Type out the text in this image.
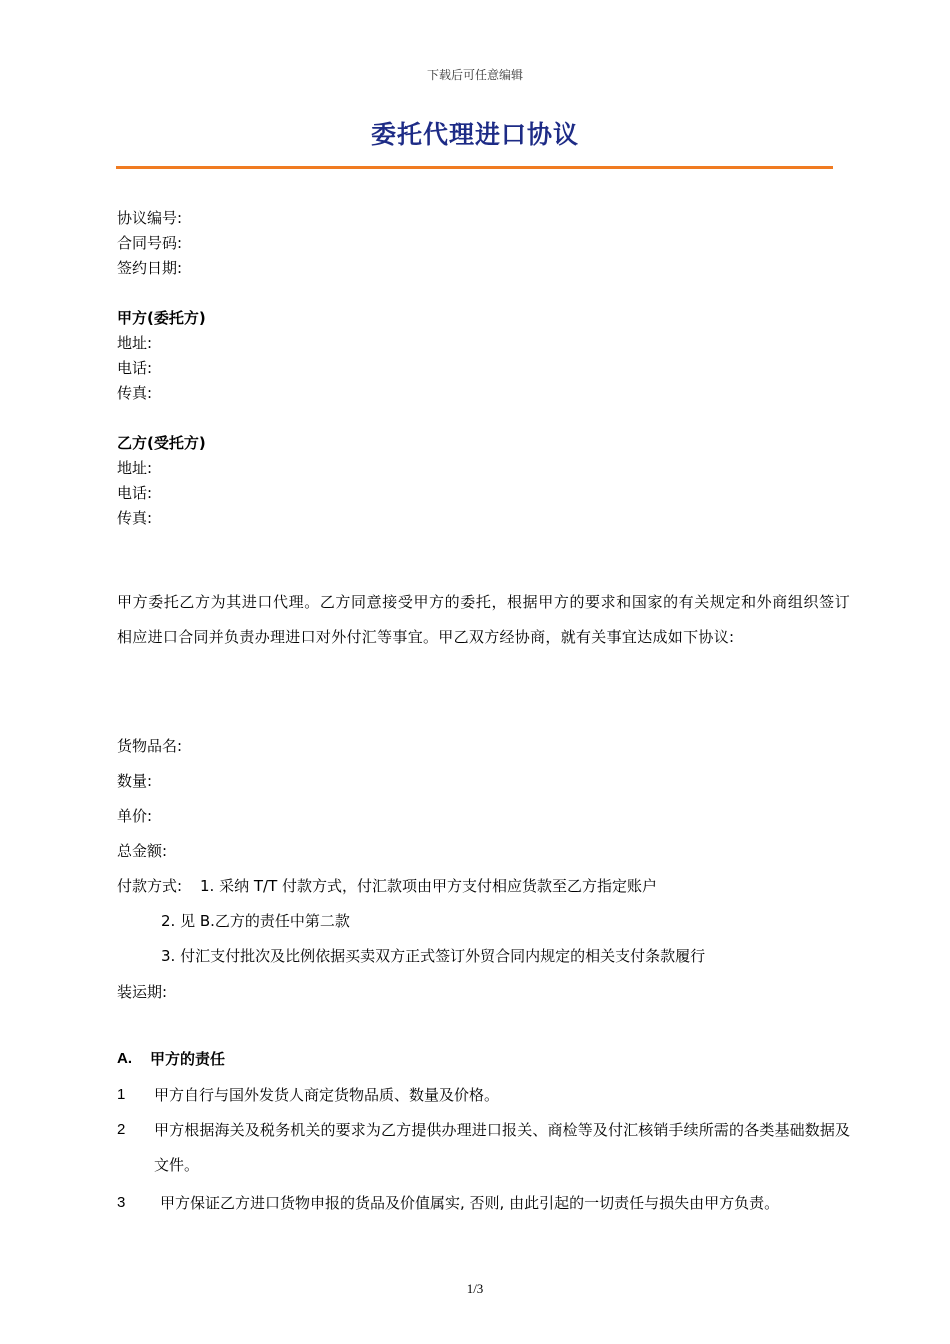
下载后可任意编辑
委托代理进口协议
协议编号:
合同号码:
签约日期:
甲方(委托方)
地址:
电话:
传真:
乙方(受托方)
地址:
电话:
传真:
甲方委托乙方为其进口代理。乙方同意接受甲方的委托，根据甲方的要求和国家的有关规定和外商组织签订相应进口合同并负责办理进口对外付汇等事宜。甲乙双方经协商，就有关事宜达成如下协议:
货物品名:
数量:
单价:
总金额:
付款方式: 1. 采纳 T/T 付款方式，付汇款项由甲方支付相应货款至乙方指定账户
2. 见 B.乙方的责任中第二款
3. 付汇支付批次及比例依据买卖双方正式签订外贸合同内规定的相关支付条款履行
装运期:
A. 甲方的责任
1 甲方自行与国外发货人商定货物品质、数量及价格。
2 甲方根据海关及税务机关的要求为乙方提供办理进口报关、商检等及付汇核销手续所需的各类基础数据及文件。
3 甲方保证乙方进口货物申报的货品及价值属实, 否则, 由此引起的一切责任与损失由甲方负责。
1/3
